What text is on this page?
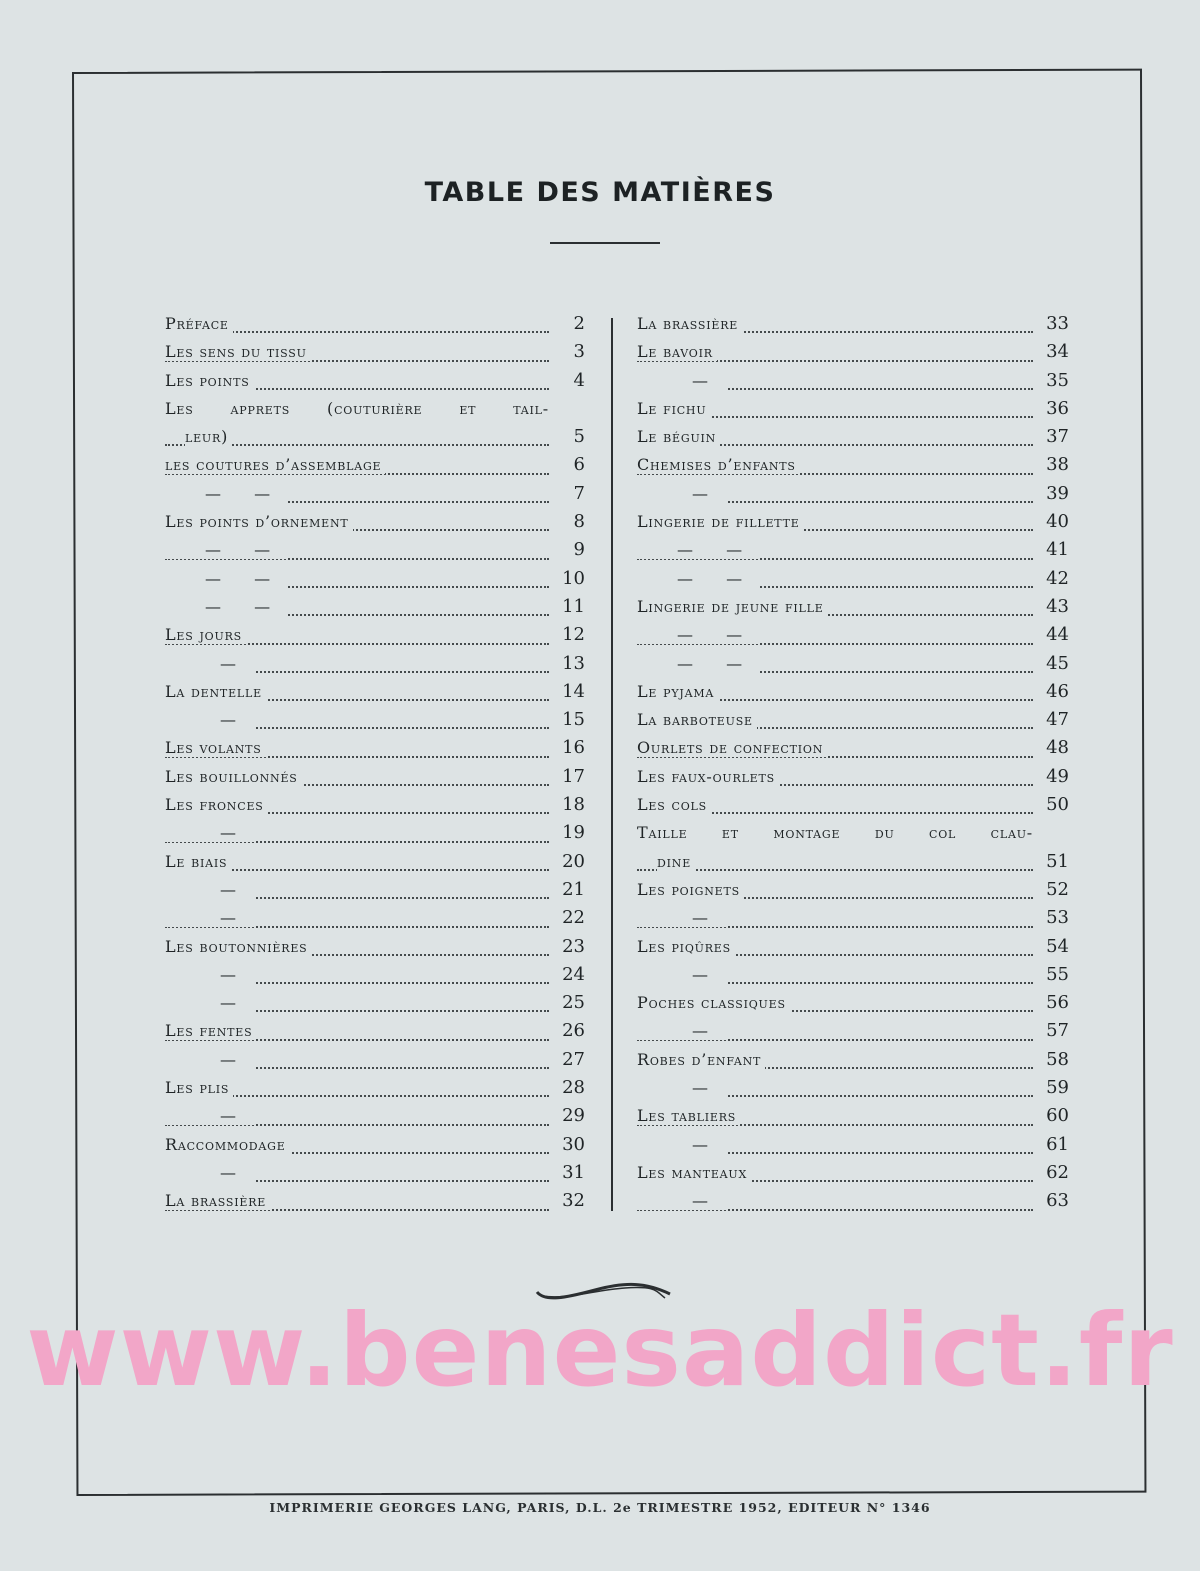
TABLE DES MATIÈRES
Préface	2
Les sens du tissu	3
Les points	4
Les apprets (couturière et tail-
leur)	5
les coutures d’assemblage	6
— —	7
Les points d’ornement	8
— —	9
— —	10
— —	11
Les jours	12
—	13
La dentelle	14
—	15
Les volants	16
Les bouillonnés	17
Les fronces	18
—	19
Le biais	20
—	21
—	22
Les boutonnières	23
—	24
—	25
Les fentes	26
—	27
Les plis	28
—	29
Raccommodage	30
—	31
La brassière	32
La brassière	33
Le bavoir	34
—	35
Le fichu	36
Le béguin	37
Chemises d’enfants	38
—	39
Lingerie de fillette	40
— —	41
— —	42
Lingerie de jeune fille	43
— —	44
— —	45
Le pyjama	46
La barboteuse	47
Ourlets de confection	48
Les faux-ourlets	49
Les cols	50
Taille et montage du col clau-
dine	51
Les poignets	52
—	53
Les piqûres	54
—	55
Poches classiques	56
—	57
Robes d’enfant	58
—	59
Les tabliers	60
—	61
Les manteaux	62
—	63
www.benesaddict.fr
IMPRIMERIE GEORGES LANG, PARIS, D.L. 2e TRIMESTRE 1952, EDITEUR N° 1346
